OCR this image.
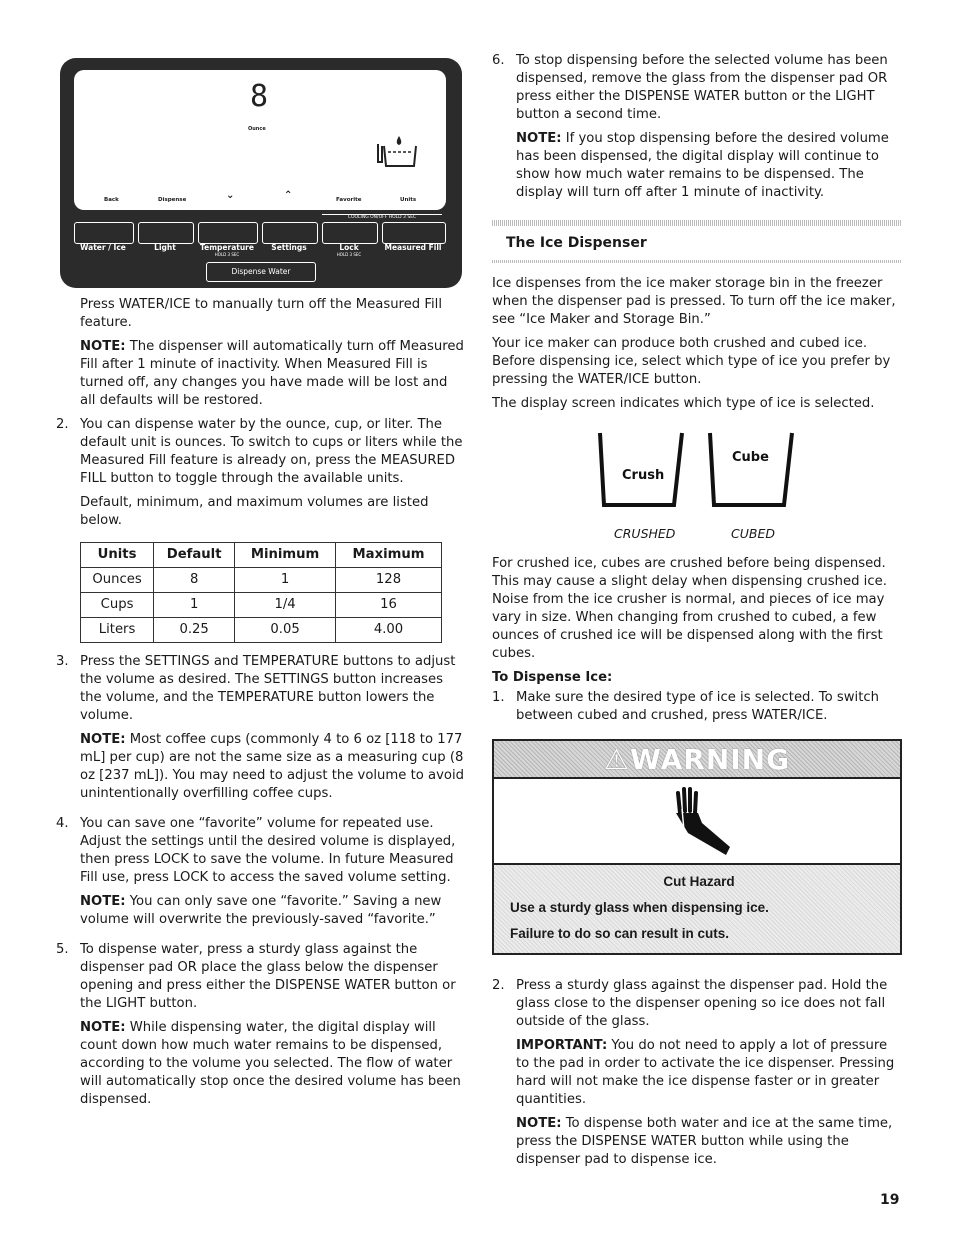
8
Ounce
Back	Dispense	⌄	⌃	Favorite	Units
COOLING ON/OFF HOLD 3 SEC
Water / Ice	Light	Temperature
HOLD 3 SEC
Settings	Lock
HOLD 3 SEC
Measured Fill
Dispense Water

Press WATER/ICE to manually turn off the Measured Fill feature.

NOTE: The dispenser will automatically turn off Measured Fill after 1 minute of inactivity. When Measured Fill is turned off, any changes you have made will be lost and all defaults will be restored.

2. You can dispense water by the ounce, cup, or liter. The default unit is ounces. To switch to cups or liters while the Measured Fill feature is already on, press the MEASURED FILL button to toggle through the available units.

Default, minimum, and maximum volumes are listed below.

Units	Default	Minimum	Maximum
Ounces	8	1	128
Cups	1	1/4	16
Liters	0.25	0.05	4.00
3. Press the SETTINGS and TEMPERATURE buttons to adjust the volume as desired. The SETTINGS button increases the volume, and the TEMPERATURE button lowers the volume.

NOTE: Most coffee cups (commonly 4 to 6 oz [118 to 177 mL] per cup) are not the same size as a measuring cup (8 oz [237 mL]). You may need to adjust the volume to avoid unintentionally overfilling coffee cups.

4. You can save one “favorite” volume for repeated use. Adjust the settings until the desired volume is displayed, then press LOCK to save the volume. In future Measured Fill use, press LOCK to access the saved volume setting.

NOTE: You can only save one “favorite.” Saving a new volume will overwrite the previously-saved “favorite.”

5. To dispense water, press a sturdy glass against the dispenser pad OR place the glass below the dispenser opening and press either the DISPENSE WATER button or the LIGHT button.

NOTE: While dispensing water, the digital display will count down how much water remains to be dispensed, according to the volume you selected. The flow of water will automatically stop once the desired volume has been dispensed.

6. To stop dispensing before the selected volume has been dispensed, remove the glass from the dispenser pad OR press either the DISPENSE WATER button or the LIGHT button a second time.

NOTE: If you stop dispensing before the desired volume has been dispensed, the digital display will continue to show how much water remains to be dispensed. The display will turn off after 1 minute of inactivity.

The Ice Dispenser

Ice dispenses from the ice maker storage bin in the freezer when the dispenser pad is pressed. To turn off the ice maker, see “Ice Maker and Storage Bin.”

Your ice maker can produce both crushed and cubed ice. Before dispensing ice, select which type of ice you prefer by pressing the WATER/ICE button.

The display screen indicates which type of ice is selected.

Crush
Cube
CRUSHED	CUBED

For crushed ice, cubes are crushed before being dispensed. This may cause a slight delay when dispensing crushed ice. Noise from the ice crusher is normal, and pieces of ice may vary in size. When changing from crushed to cubed, a few ounces of crushed ice will be dispensed along with the first cubes.

To Dispense Ice:
1. Make sure the desired type of ice is selected. To switch between cubed and crushed, press WATER/ICE.

⚠WARNING
Cut Hazard

Use a sturdy glass when dispensing ice.

Failure to do so can result in cuts.

2. Press a sturdy glass against the dispenser pad. Hold the glass close to the dispenser opening so ice does not fall outside of the glass.

IMPORTANT: You do not need to apply a lot of pressure to the pad in order to activate the ice dispenser. Pressing hard will not make the ice dispense faster or in greater quantities.

NOTE: To dispense both water and ice at the same time, press the DISPENSE WATER button while using the dispenser pad to dispense ice.

19
